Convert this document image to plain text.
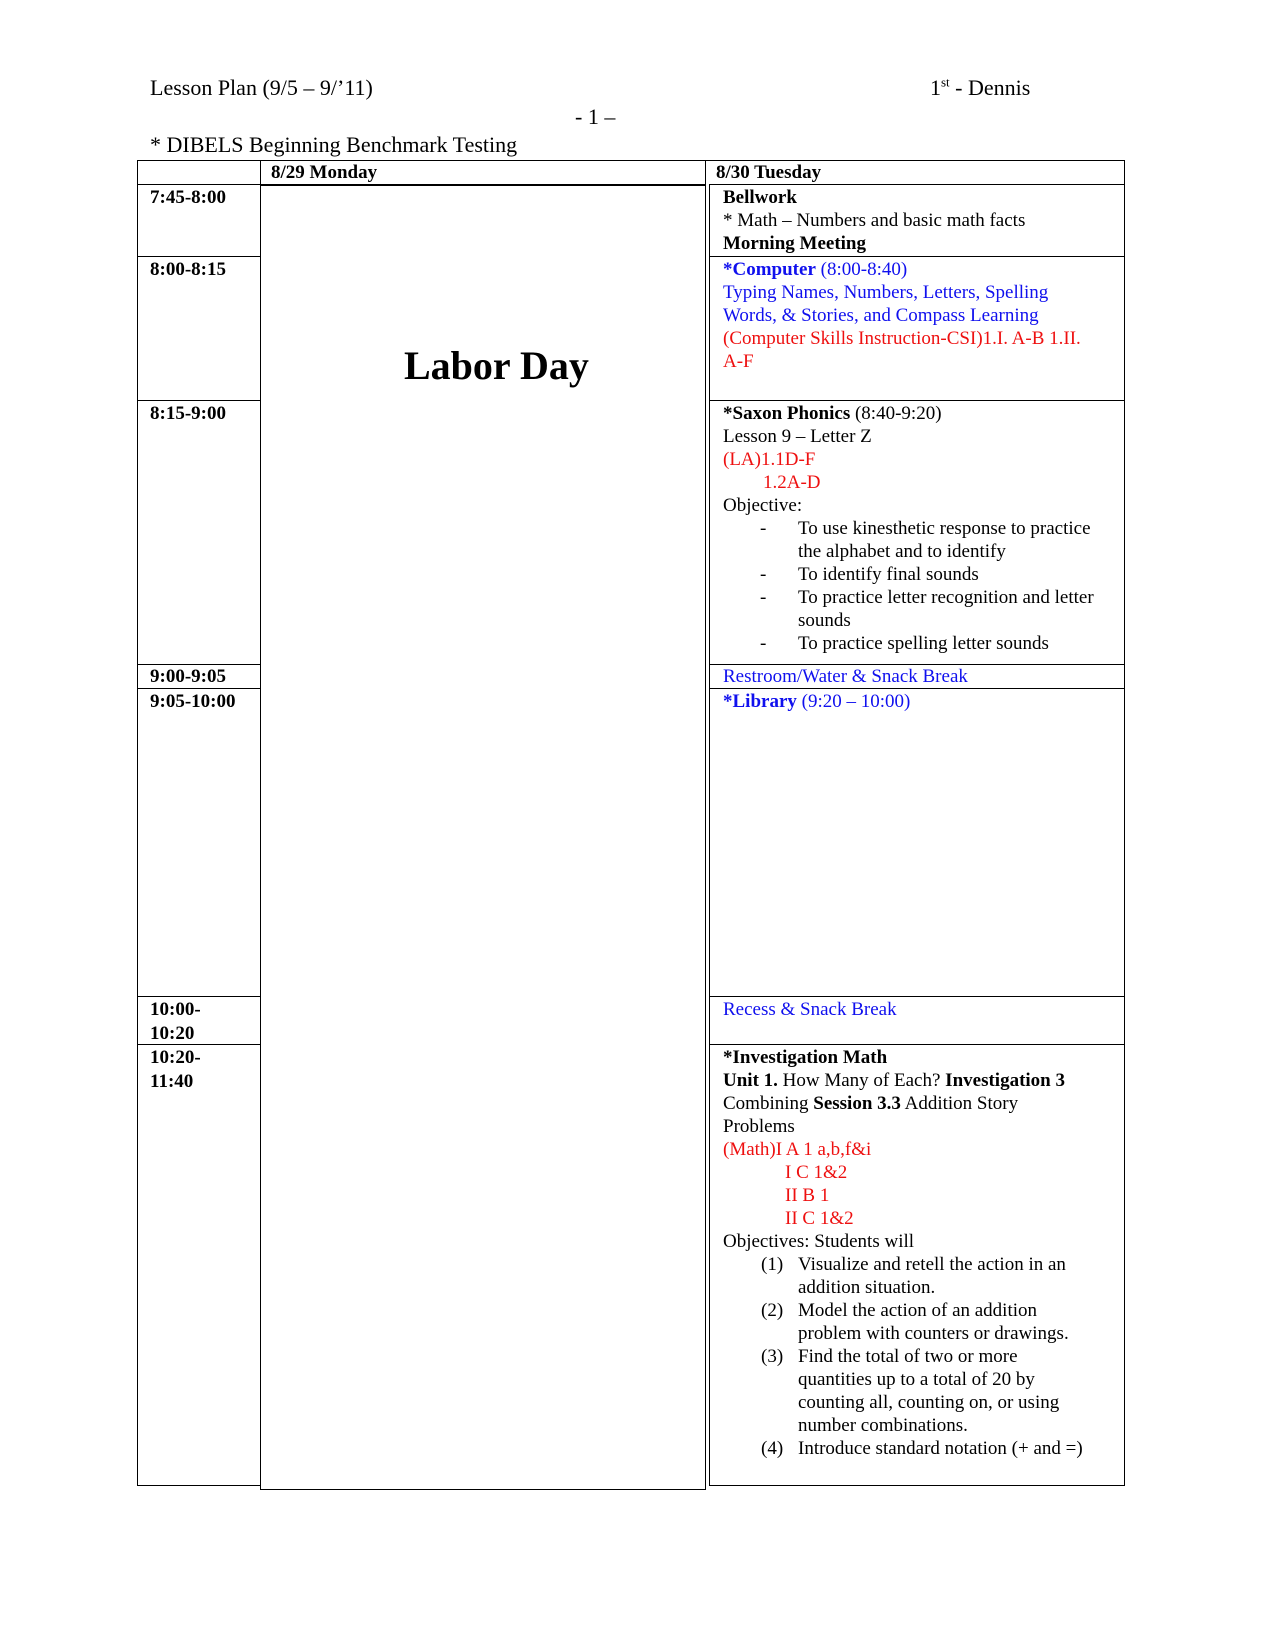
Lesson Plan (9/5 – 9/’11)	1st - Dennis
- 1 –
* DIBELS Beginning Benchmark Testing
8/29 Monday	8/30 Tuesday
Labor Day
7:45-8:00
8:00-8:15
8:15-9:00
9:00-9:05
9:05-10:00
10:00-
10:20
10:20-
11:40
Bellwork
* Math – Numbers and basic math facts
Morning Meeting
*Computer (8:00-8:40)
Typing Names, Numbers, Letters, Spelling
Words, & Stories, and Compass Learning
(Computer Skills Instruction-CSI)1.I. A-B 1.II.
A-F
*Saxon Phonics (8:40-9:20)
Lesson 9 – Letter Z
(LA)1.1D-F
1.2A-D
Objective:
- To use kinesthetic response to practice
the alphabet and to identify
- To identify final sounds
- To practice letter recognition and letter
sounds
- To practice spelling letter sounds
Restroom/Water & Snack Break
*Library (9:20 – 10:00)
Recess & Snack Break
*Investigation Math
Unit 1. How Many of Each? Investigation 3
Combining Session 3.3 Addition Story
Problems
(Math)I A 1 a,b,f&i
I C 1&2
II B 1
II C 1&2
Objectives: Students will
(1) Visualize and retell the action in an
addition situation.
(2) Model the action of an addition
problem with counters or drawings.
(3) Find the total of two or more
quantities up to a total of 20 by
counting all, counting on, or using
number combinations.
(4) Introduce standard notation (+ and =)
